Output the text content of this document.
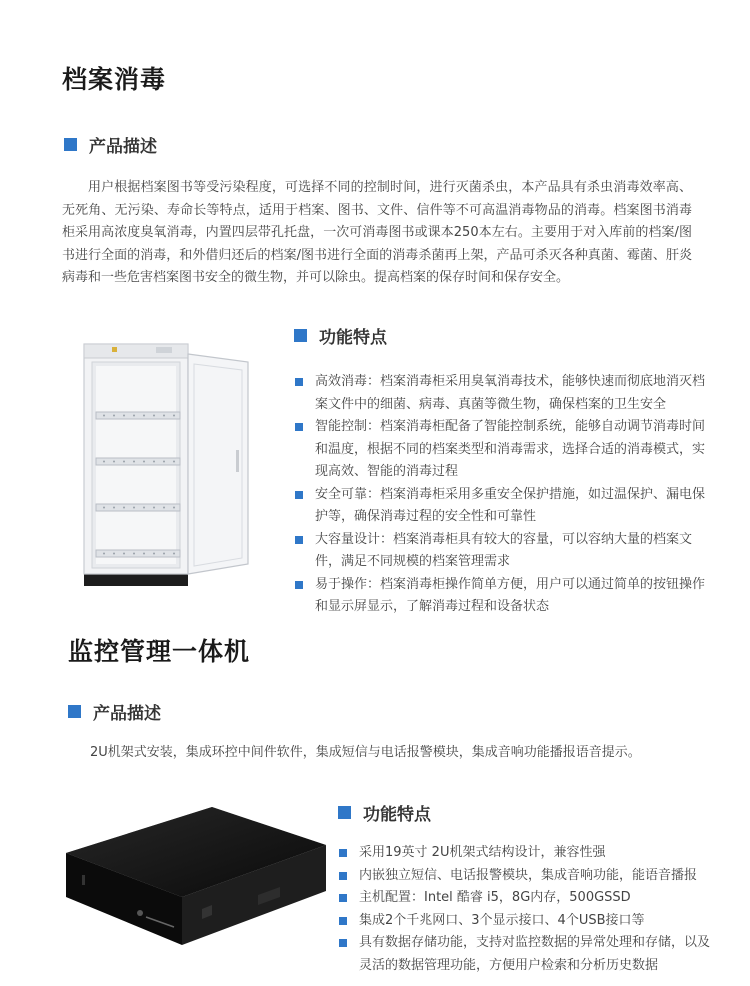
档案消毒
产品描述
用户根据档案图书等受污染程度，可选择不同的控制时间，进行灭菌杀虫，本产品具有杀虫消毒效率高、无死角、无污染、寿命长等特点，适用于档案、图书、文件、信件等不可高温消毒物品的消毒。档案图书消毒柜采用高浓度臭氧消毒，内置四层带孔托盘，一次可消毒图书或课本250本左右。主要用于对入库前的档案/图书进行全面的消毒，和外借归还后的档案/图书进行全面的消毒杀菌再上架，产品可杀灭各种真菌、霉菌、肝炎病毒和一些危害档案图书安全的微生物，并可以除虫。提高档案的保存时间和保存安全。
功能特点
高效消毒：档案消毒柜采用臭氧消毒技术，能够快速而彻底地消灭档案文件中的细菌、病毒、真菌等微生物，确保档案的卫生安全
智能控制：档案消毒柜配备了智能控制系统，能够自动调节消毒时间和温度，根据不同的档案类型和消毒需求，选择合适的消毒模式，实现高效、智能的消毒过程
安全可靠：档案消毒柜采用多重安全保护措施，如过温保护、漏电保护等，确保消毒过程的安全性和可靠性
大容量设计：档案消毒柜具有较大的容量，可以容纳大量的档案文件，满足不同规模的档案管理需求
易于操作：档案消毒柜操作简单方便，用户可以通过简单的按钮操作和显示屏显示，了解消毒过程和设备状态
监控管理一体机
产品描述
2U机架式安装，集成环控中间件软件，集成短信与电话报警模块，集成音响功能播报语音提示。
功能特点
采用19英寸 2U机架式结构设计，兼容性强
内嵌独立短信、电话报警模块，集成音响功能，能语音播报
主机配置：Intel 酷睿 i5，8G内存，500GSSD
集成2个千兆网口、3个显示接口、4个USB接口等
具有数据存储功能，支持对监控数据的异常处理和存储，以及灵活的数据管理功能，方便用户检索和分析历史数据
